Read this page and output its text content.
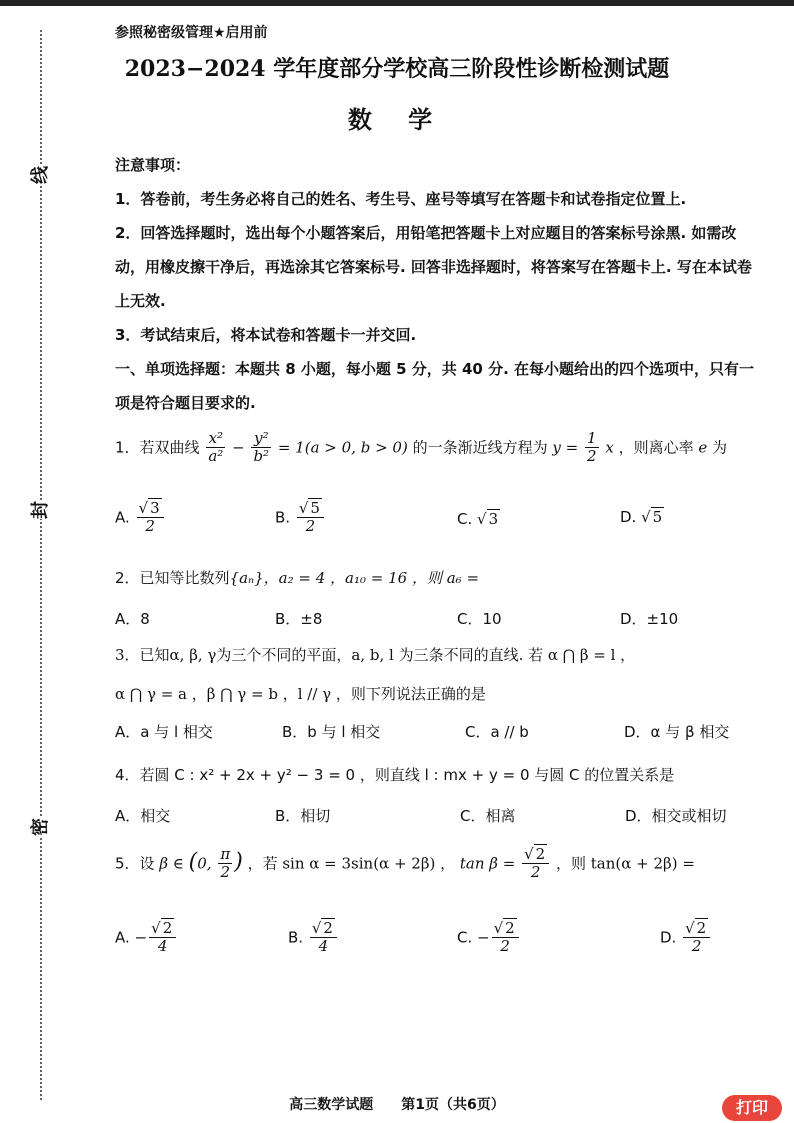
线
封
密
参照秘密级管理★启用前
2023−2024 学年度部分学校高三阶段性诊断检测试题
数 学

注意事项：

1．答卷前，考生务必将自己的姓名、考生号、座号等填写在答题卡和试卷指定位置上.

2．回答选择题时，选出每个小题答案后，用铅笔把答题卡上对应题目的答案标号涂黑. 如需改动，用橡皮擦干净后，再选涂其它答案标号. 回答非选择题时，将答案写在答题卡上. 写在本试卷上无效.

3．考试结束后，将本试卷和答题卡一并交回.

一、单项选择题：本题共 8 小题，每小题 5 分，共 40 分. 在每小题给出的四个选项中，只有一项是符合题目要求的.

1．若双曲线 $\frac{\text{x²}}{\text{a²}} - \frac{\text{y²}}{\text{b²}} = 1(a > 0$, b > 0) 的一条渐近线方程为 $y = \frac{1}{2}$ x ，则离心率 e 为
A. $\frac{√ 3}{2}$	B. $\frac{√ 5}{2}$	C. √ 3	D. √ 5
2．已知等比数列{aₙ}，a₂ = 4 ，a₁₀ = 16 ，则 a₆ =
A．8	B．±8	C．10	D．±10
3．已知α, β, γ为三个不同的平面，a, b, l 为三条不同的直线. 若 α ⋂ β = l ，
α ⋂ γ = a ，β ⋂ γ = b ，l // γ ，则下列说法正确的是
A．a 与 l 相交	B．b 与 l 相交	C．a // b	D．α 与 β 相交
4．若圆 C : x² + 2x + y² − 3 = 0 ，则直线 l : mx + y = 0 与圆 C 的位置关系是
A．相交	B．相切	C．相离	D．相交或相切
5．设 β ∈ (0, $\frac{\pi}{2}$ ) ，若 sin α = 3sin(α + 2β) ， $\tan \beta = \frac{√ 2}{2}$ ，则 tan(α + 2β) =
A. − $\frac{√ 2}{4}$	B. $\frac{√ 2}{4}$	C. − $\frac{√ 2}{2}$	D. $\frac{√ 2}{2}$
高三数学试题　　第1页（共6页）	打印
